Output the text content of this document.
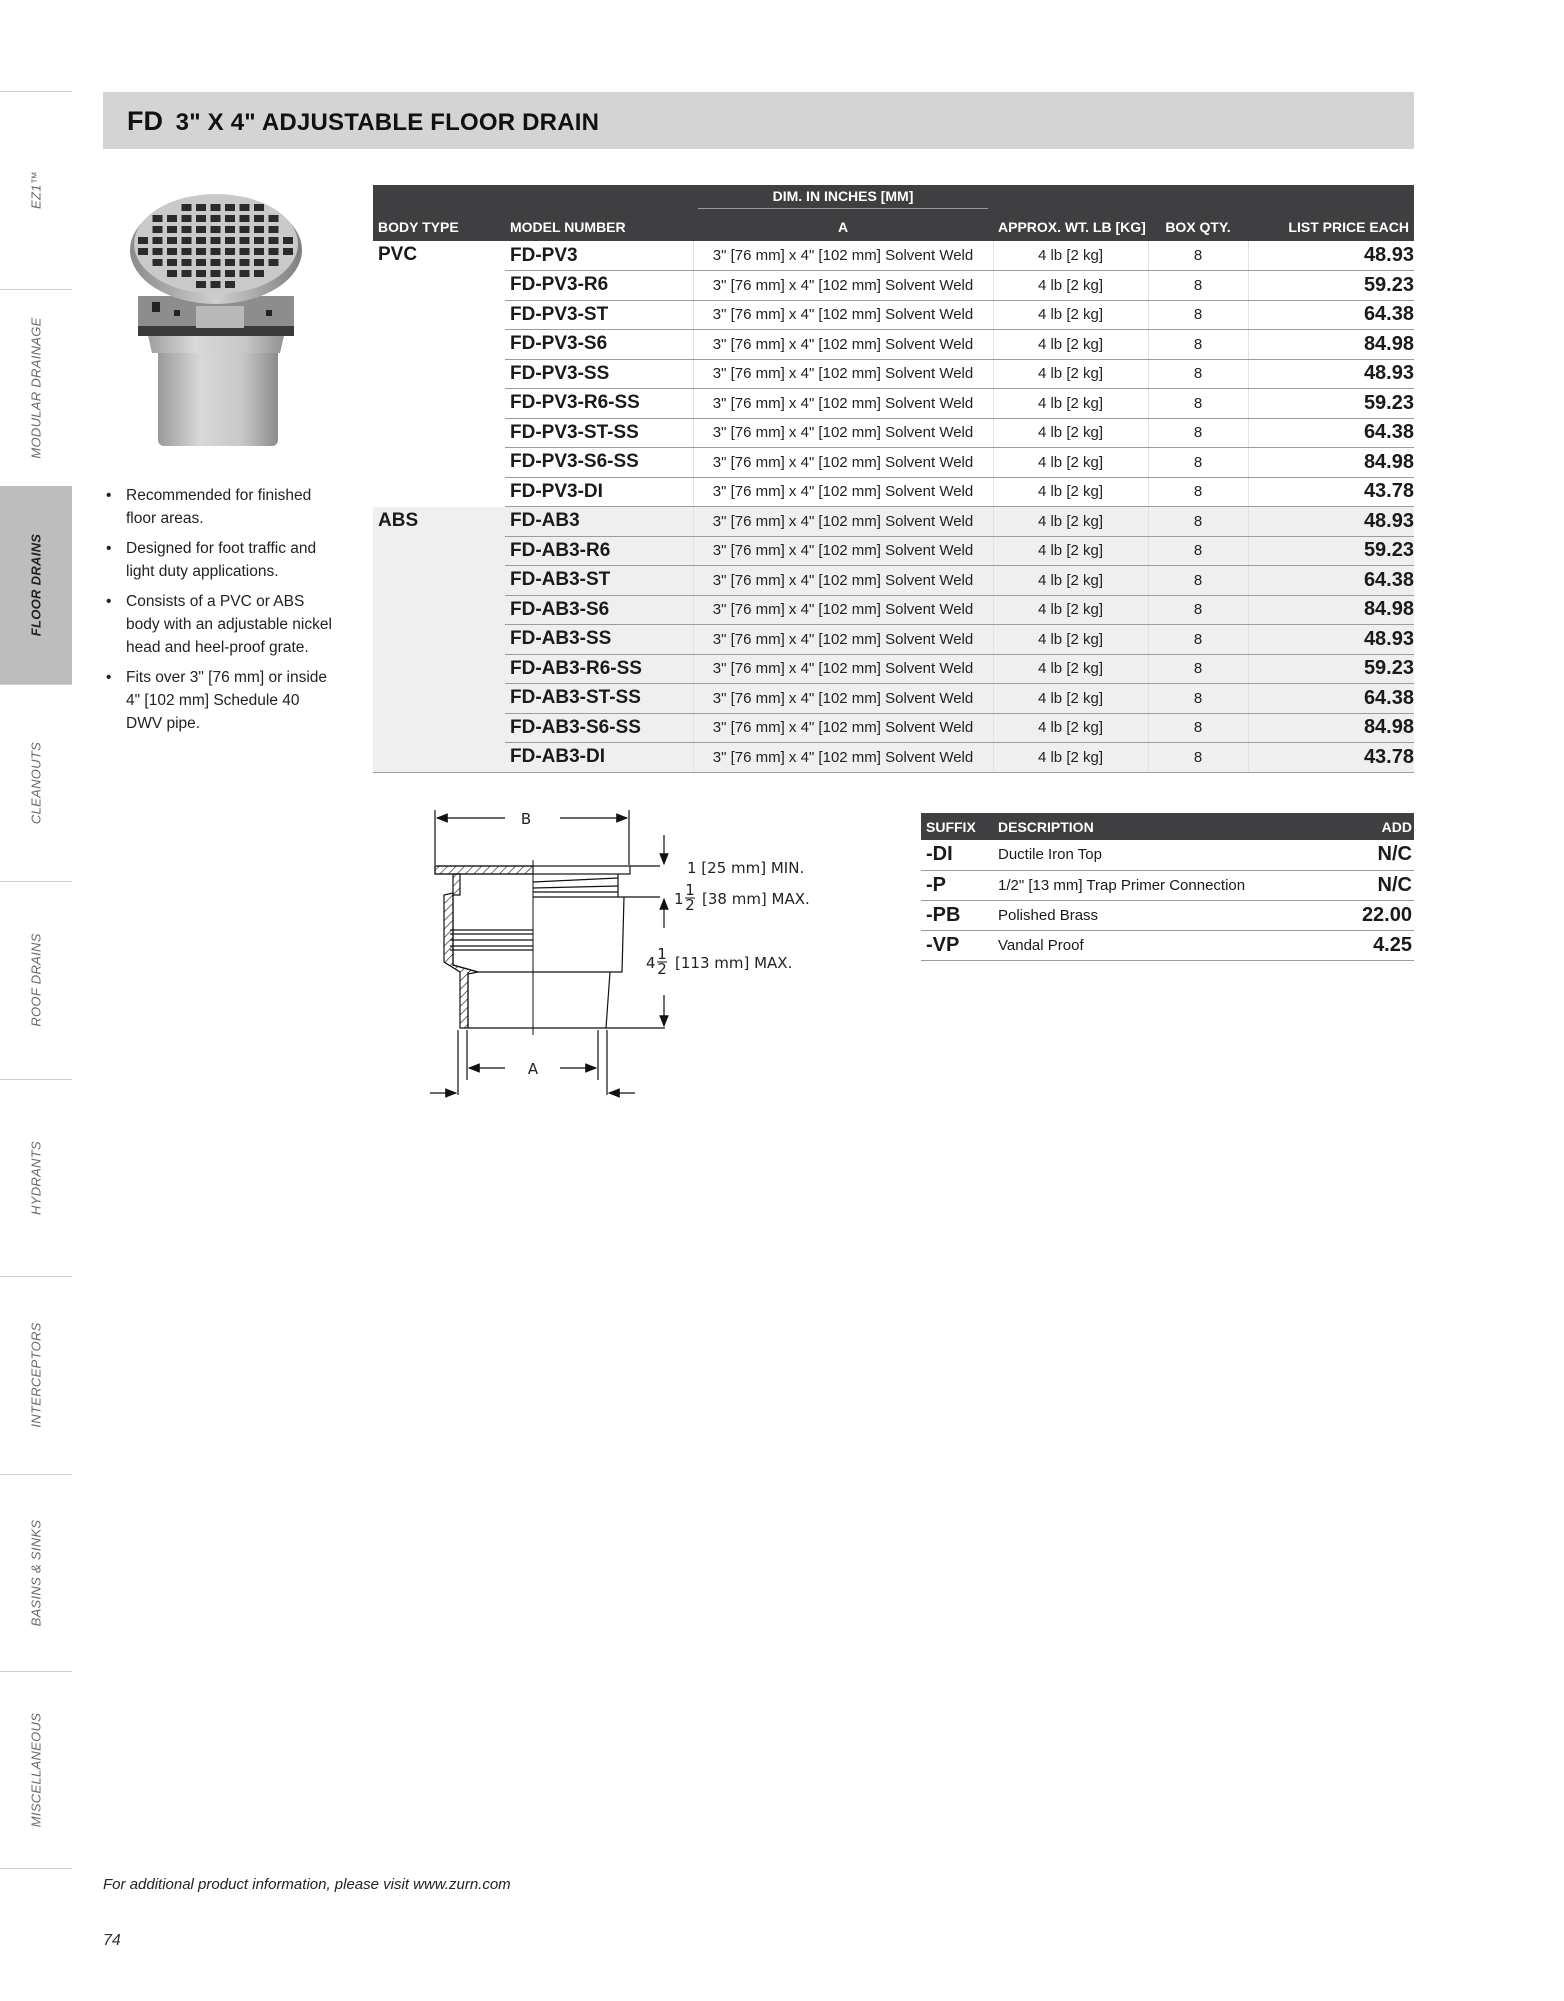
EZ1™
MODULAR DRAINAGE
FLOOR DRAINS
CLEANOUTS
ROOF DRAINS
HYDRANTS
INTERCEPTORS
BASINS & SINKS
MISCELLANEOUS
FD 3" X 4" ADJUSTABLE FLOOR DRAIN
• Recommended for finished floor areas.
• Designed for foot traffic and light duty applications.
• Consists of a PVC or ABS body with an adjustable nickel head and heel-proof grate.
• Fits over 3" [76 mm] or inside 4" [102 mm] Schedule 40 DWV pipe.

		DIM. IN INCHES [MM]			

BODY TYPE	MODEL NUMBER	A	APPROX. WT. LB [KG]	BOX QTY.	LIST PRICE EACH
PVC	FD-PV3	3" [76 mm] x 4" [102 mm] Solvent Weld	4 lb [2 kg]	8	48.93
	FD-PV3-R6	3" [76 mm] x 4" [102 mm] Solvent Weld	4 lb [2 kg]	8	59.23
	FD-PV3-ST	3" [76 mm] x 4" [102 mm] Solvent Weld	4 lb [2 kg]	8	64.38
	FD-PV3-S6	3" [76 mm] x 4" [102 mm] Solvent Weld	4 lb [2 kg]	8	84.98
	FD-PV3-SS	3" [76 mm] x 4" [102 mm] Solvent Weld	4 lb [2 kg]	8	48.93
	FD-PV3-R6-SS	3" [76 mm] x 4" [102 mm] Solvent Weld	4 lb [2 kg]	8	59.23
	FD-PV3-ST-SS	3" [76 mm] x 4" [102 mm] Solvent Weld	4 lb [2 kg]	8	64.38
	FD-PV3-S6-SS	3" [76 mm] x 4" [102 mm] Solvent Weld	4 lb [2 kg]	8	84.98
	FD-PV3-DI	3" [76 mm] x 4" [102 mm] Solvent Weld	4 lb [2 kg]	8	43.78
ABS	FD-AB3	3" [76 mm] x 4" [102 mm] Solvent Weld	4 lb [2 kg]	8	48.93
	FD-AB3-R6	3" [76 mm] x 4" [102 mm] Solvent Weld	4 lb [2 kg]	8	59.23
	FD-AB3-ST	3" [76 mm] x 4" [102 mm] Solvent Weld	4 lb [2 kg]	8	64.38
	FD-AB3-S6	3" [76 mm] x 4" [102 mm] Solvent Weld	4 lb [2 kg]	8	84.98
	FD-AB3-SS	3" [76 mm] x 4" [102 mm] Solvent Weld	4 lb [2 kg]	8	48.93
	FD-AB3-R6-SS	3" [76 mm] x 4" [102 mm] Solvent Weld	4 lb [2 kg]	8	59.23
	FD-AB3-ST-SS	3" [76 mm] x 4" [102 mm] Solvent Weld	4 lb [2 kg]	8	64.38
	FD-AB3-S6-SS	3" [76 mm] x 4" [102 mm] Solvent Weld	4 lb [2 kg]	8	84.98
	FD-AB3-DI	3" [76 mm] x 4" [102 mm] Solvent Weld	4 lb [2 kg]	8	43.78
B
A
1 [25 mm] MIN.
1 1
2 [38 mm] MAX.
4 1
2 [113 mm] MAX.
SUFFIX	DESCRIPTION	ADD
-DI	Ductile Iron Top	N/C
-P	1/2" [13 mm] Trap Primer Connection	N/C
-PB	Polished Brass	22.00
-VP	Vandal Proof	4.25

For additional product information, please visit www.zurn.com

74
